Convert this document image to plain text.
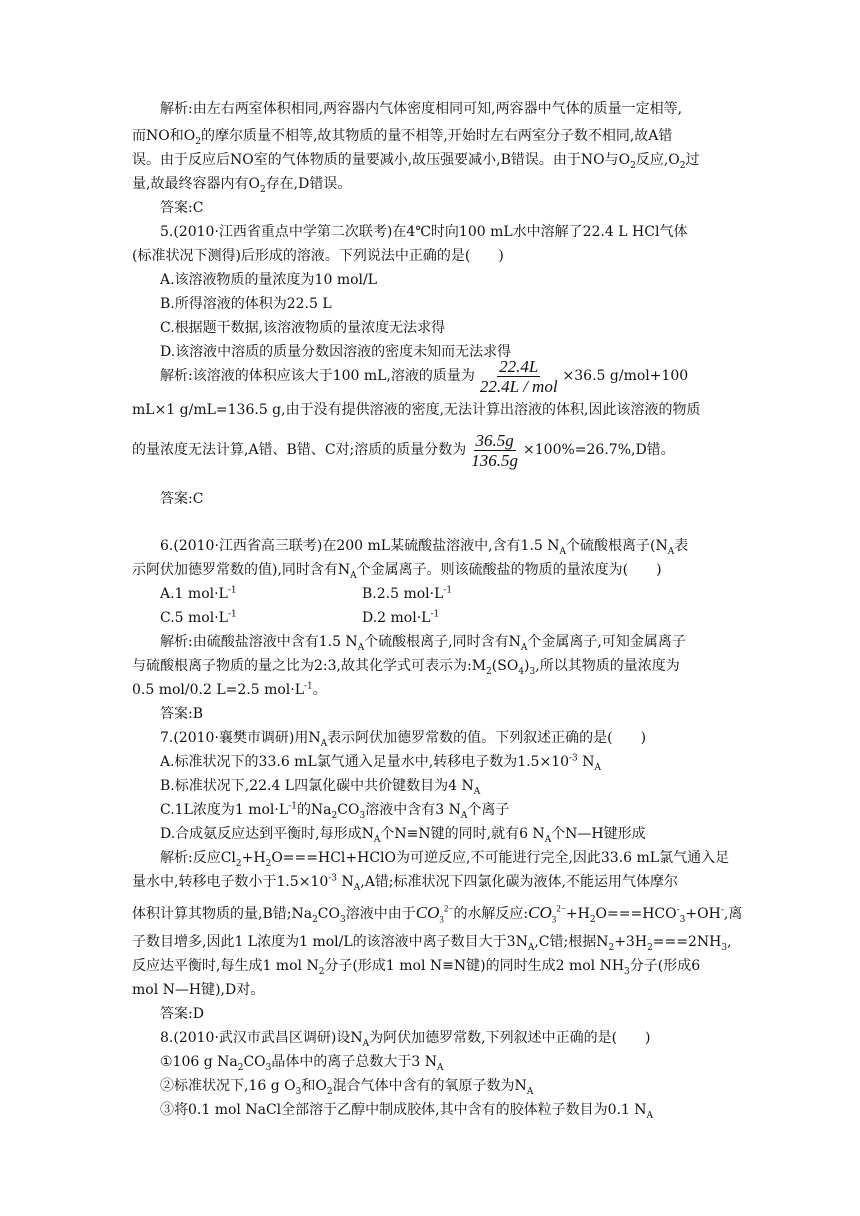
解析:由左右两室体积相同,两容器内气体密度相同可知,两容器中气体的质量一定相等,
而NO和$O_2$的摩尔质量不相等,故其物质的量不相等,开始时左右两室分子数不相同,故A错
误。由于反应后NO室的气体物质的量要减小,故压强要减小,B错误。由于NO与$O_2$反应$,O_2$过
量,故最终容器内有$O_2$存在,D错误。
答案:C
5.(2010·江西省重点中学第二次联考)在4℃时向100 mL水中溶解了22.4 L HCl气体
(标准状况下测得)后形成的溶液。下列说法中正确的是(　　)
A.该溶液物质的量浓度为10 mol/L
B.所得溶液的体积为22.5 L
C.根据题干数据,该溶液物质的量浓度无法求得
D.该溶液中溶质的质量分数因溶液的密度未知而无法求得
解析:该溶液的体积应该大于100 mL,溶液的质量为 $\frac{22.4L}{\text{22.4L / mol}} \times 36.5$ g/mol+100
mL×1 g/mL=136.5 g,由于没有提供溶液的密度,无法计算出溶液的体积,因此该溶液的物质
的量浓度无法计算,A错、B错、C对;溶质的质量分数为 $\frac{36.5g}{136.5g} \times 100\%=26.7\%,D$错。
答案:C
6.(2010·江西省高三联考)在200 mL某硫酸盐溶液中,含有1.5 $N_A$个硫酸根离子($N_A$表
示阿伏加德罗常数的值),同时含有$N_A$个金属离子。则该硫酸盐的物质的量浓度为(　　)
A.1 $mol\cdot L^{-1}$	B.2.5 $mol\cdot L^{-1}$
C.5 $mol\cdot L^{-1}$	D.2 $mol\cdot L^{-1}$
解析:由硫酸盐溶液中含有1.5 $N_A$个硫酸根离子,同时含有$N_A$个金属离子,可知金属离子
与硫酸根离子物质的量之比为2:3,故其化学式可表示为$:M_2(SO_4)_3$,所以其物质的量浓度为
0.5 mol/0.2 L=2.5 $mol\cdot L^{-1}$。
答案:B
7.(2010·襄樊市调研)用$N_A$表示阿伏加德罗常数的值。下列叙述正确的是(　　)
A.标准状况下的33.6 mL氯气通入足量水中,转移电子数为$1.5\times 10^{-3}$ $N_A$
B.标准状况下,22.4 L四氯化碳中共价键数目为4 $N_A$
C.1L浓度为1 $mol\cdot L^{-1}$的$Na_2CO_3$溶液中含有3 $N_A$个离子
D.合成氨反应达到平衡时,每形成$N_A$个N≡N键的同时,就有6 $N_A$个N—H键形成
解析:反应$Cl_2+H_2O===HCl+HClO$为可逆反应,不可能进行完全,因此33.6 mL氯气通入足
量水中,转移电子数小于$1.5\times 10^{-3}$ $N_A,A$错;标准状况下四氯化碳为液体,不能运用气体摩尔
体积计算其物质的量,B错$;Na_2CO_3$溶液中由于$CO_3^{2-}$的水解反应$:CO_3^{2-}+H_2O===HCO^-_3+OH^-$,离
子数目增多,因此1 L浓度为1 mol/L的该溶液中离子数目大于$3N_A,C$错;根据$N_2+3H_2===2NH_3$,
反应达平衡时,每生成1 mol $N_2$分子(形成1 mol N≡N键)的同时生成2 mol $NH_3$分子(形成6
mol N—H键),D对。
答案:D
8.(2010·武汉市武昌区调研)设$N_A$为阿伏加德罗常数,下列叙述中正确的是(　　)
①106 g $Na_2CO_3$晶体中的离子总数大于3 $N_A$
②标准状况下,16 g $O_3$和$O_2$混合气体中含有的氧原子数为$N_A$
③将0.1 mol NaCl全部溶于乙醇中制成胶体,其中含有的胶体粒子数目为0.1 $N_A$
